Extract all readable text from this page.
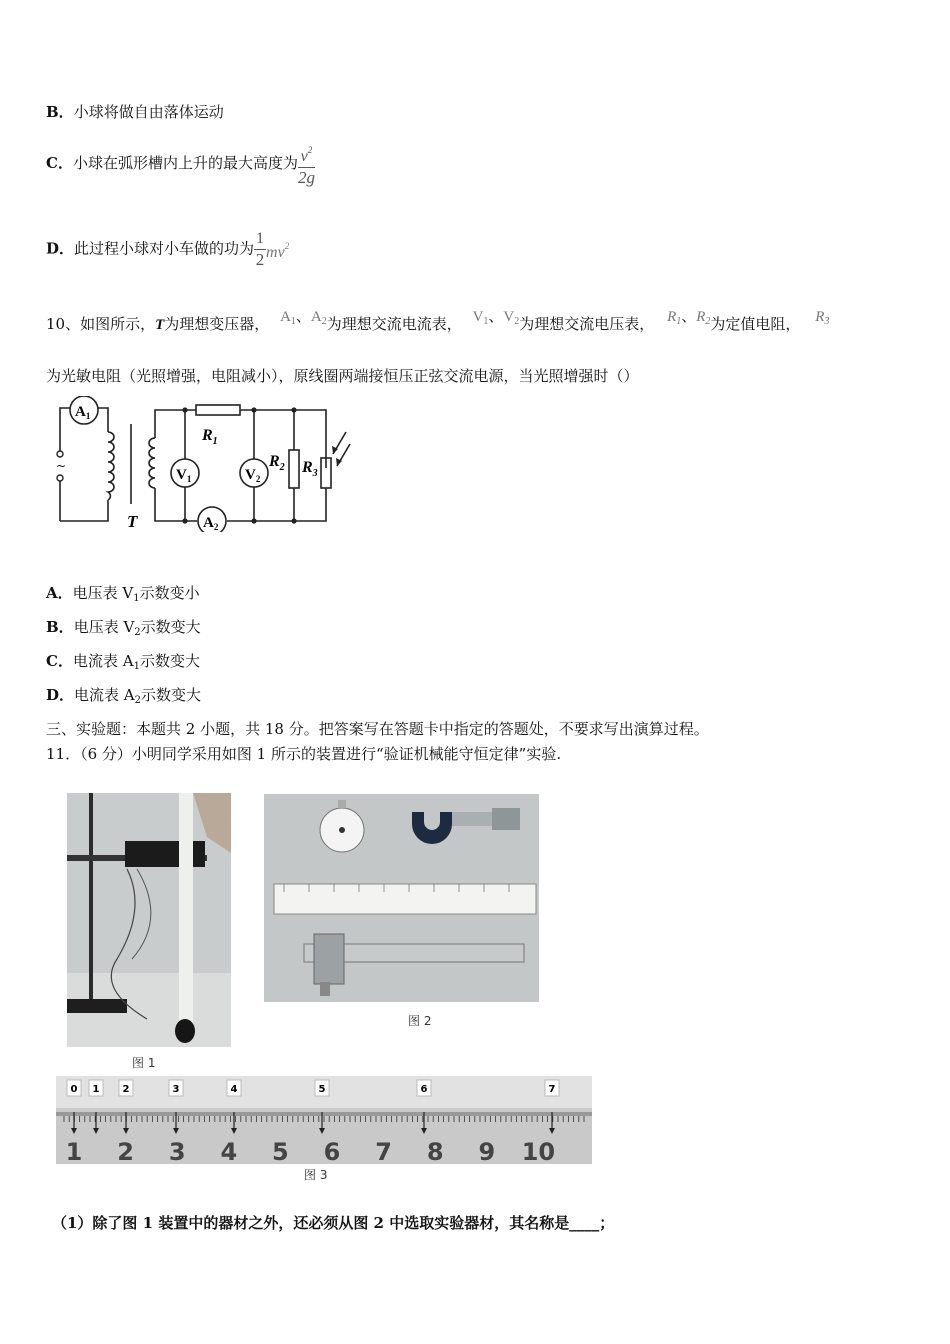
B．小球将做自由落体运动
C．小球在弧形槽内上升的最大高度为 $\frac{v^2}{2g}$
D．此过程小球对小车做的功为 $\frac{1}{2} mv^2$
10、如图所示，T为理想变压器， $A_1$、$A_2$为理想交流电流表， $V_1$、$V_2$为理想交流电压表， $R_1$、$R_2$为定值电阻， $R_3$
为光敏电阻（光照增强，电阻减小），原线圈两端接恒压正弦交流电源，当光照增强时（）
~
$A_1$
$V_1$	$V_2$
$A_2$
$R_1$
$R_2$ $R_3$
T
A．电压表 $V_1$示数变小
B．电压表 $V_2$示数变大
C．电流表 $A_1$示数变大
D．电流表 $A_2$示数变大
三、实验题：本题共 2 小题，共 18 分。把答案写在答题卡中指定的答题处，不要求写出演算过程。
11．（6 分）小明同学采用如图 1 所示的装置进行“验证机械能守恒定律”实验.
图 1
图 2
0 1 2	3	4	5	6	7
1 2 3 4 5 6 7 8 9 10
图 3
（1）除了图 1 装置中的器材之外，还必须从图 2 中选取实验器材，其名称是____；
